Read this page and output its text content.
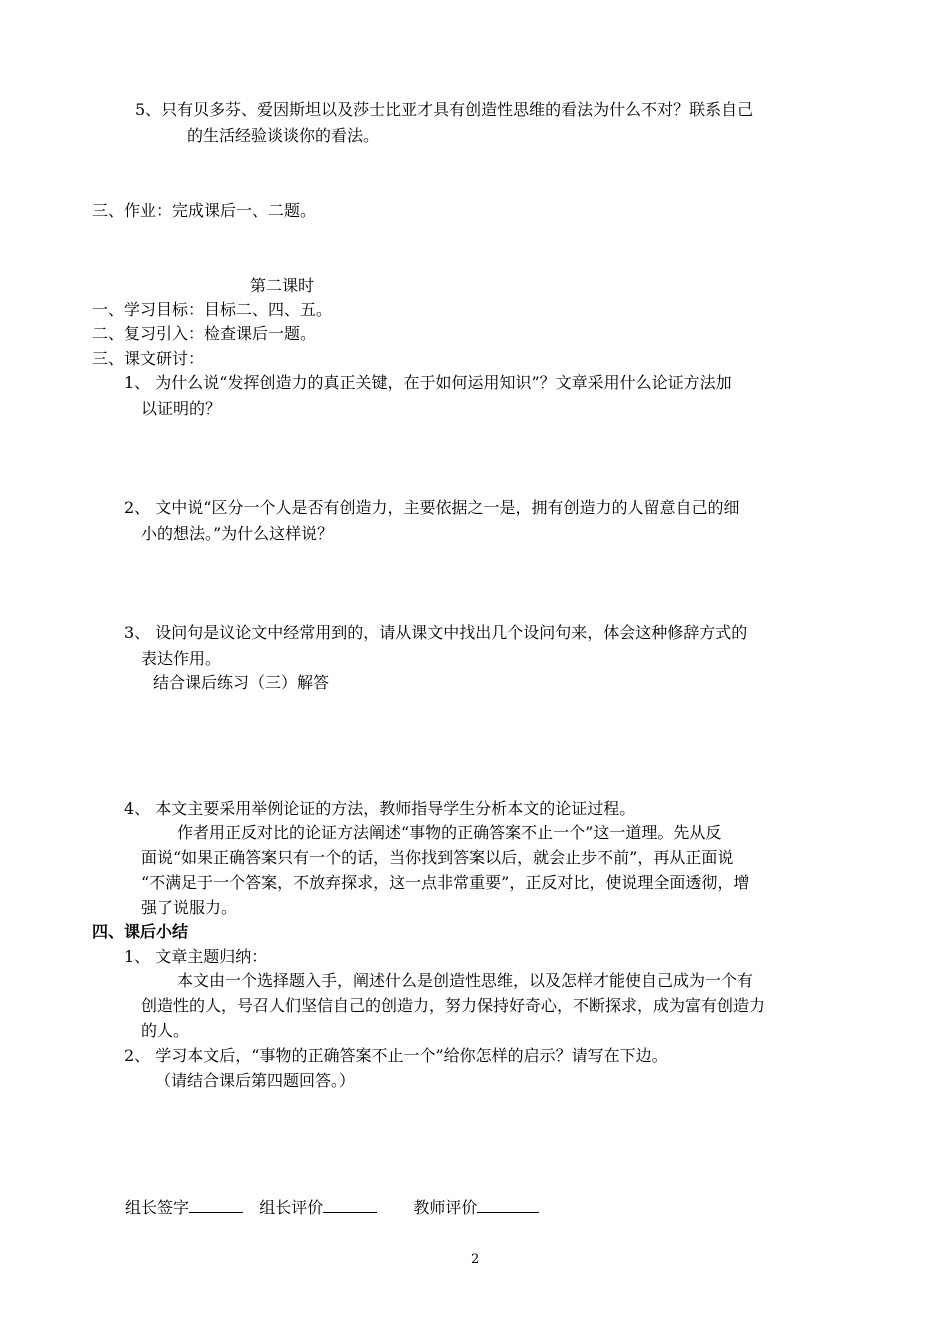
5、只有贝多芬、爱因斯坦以及莎士比亚才具有创造性思维的看法为什么不对？联系自己
的生活经验谈谈你的看法。
三、作业：完成课后一、二题。
第二课时
一、学习目标：目标二、四、五。
二、复习引入：检查课后一题。
三、课文研讨：
1、 为什么说“发挥创造力的真正关键，在于如何运用知识”？文章采用什么论证方法加
以证明的？
2、 文中说“区分一个人是否有创造力，主要依据之一是，拥有创造力的人留意自己的细
小的想法。”为什么这样说？
3、 设问句是议论文中经常用到的，请从课文中找出几个设问句来，体会这种修辞方式的
表达作用。
结合课后练习（三）解答
4、 本文主要采用举例论证的方法，教师指导学生分析本文的论证过程。
作者用正反对比的论证方法阐述“事物的正确答案不止一个”这一道理。先从反
面说“如果正确答案只有一个的话，当你找到答案以后，就会止步不前”，再从正面说
“不满足于一个答案，不放弃探求，这一点非常重要”，正反对比，使说理全面透彻，增
强了说服力。
四、课后小结
1、 文章主题归纳：
本文由一个选择题入手，阐述什么是创造性思维，以及怎样才能使自己成为一个有
创造性的人，号召人们坚信自己的创造力，努力保持好奇心，不断探求，成为富有创造力
的人。
2、 学习本文后，“事物的正确答案不止一个”给你怎样的启示？请写在下边。
（请结合课后第四题回答。）
组长签字	组长评价	教师评价
2
